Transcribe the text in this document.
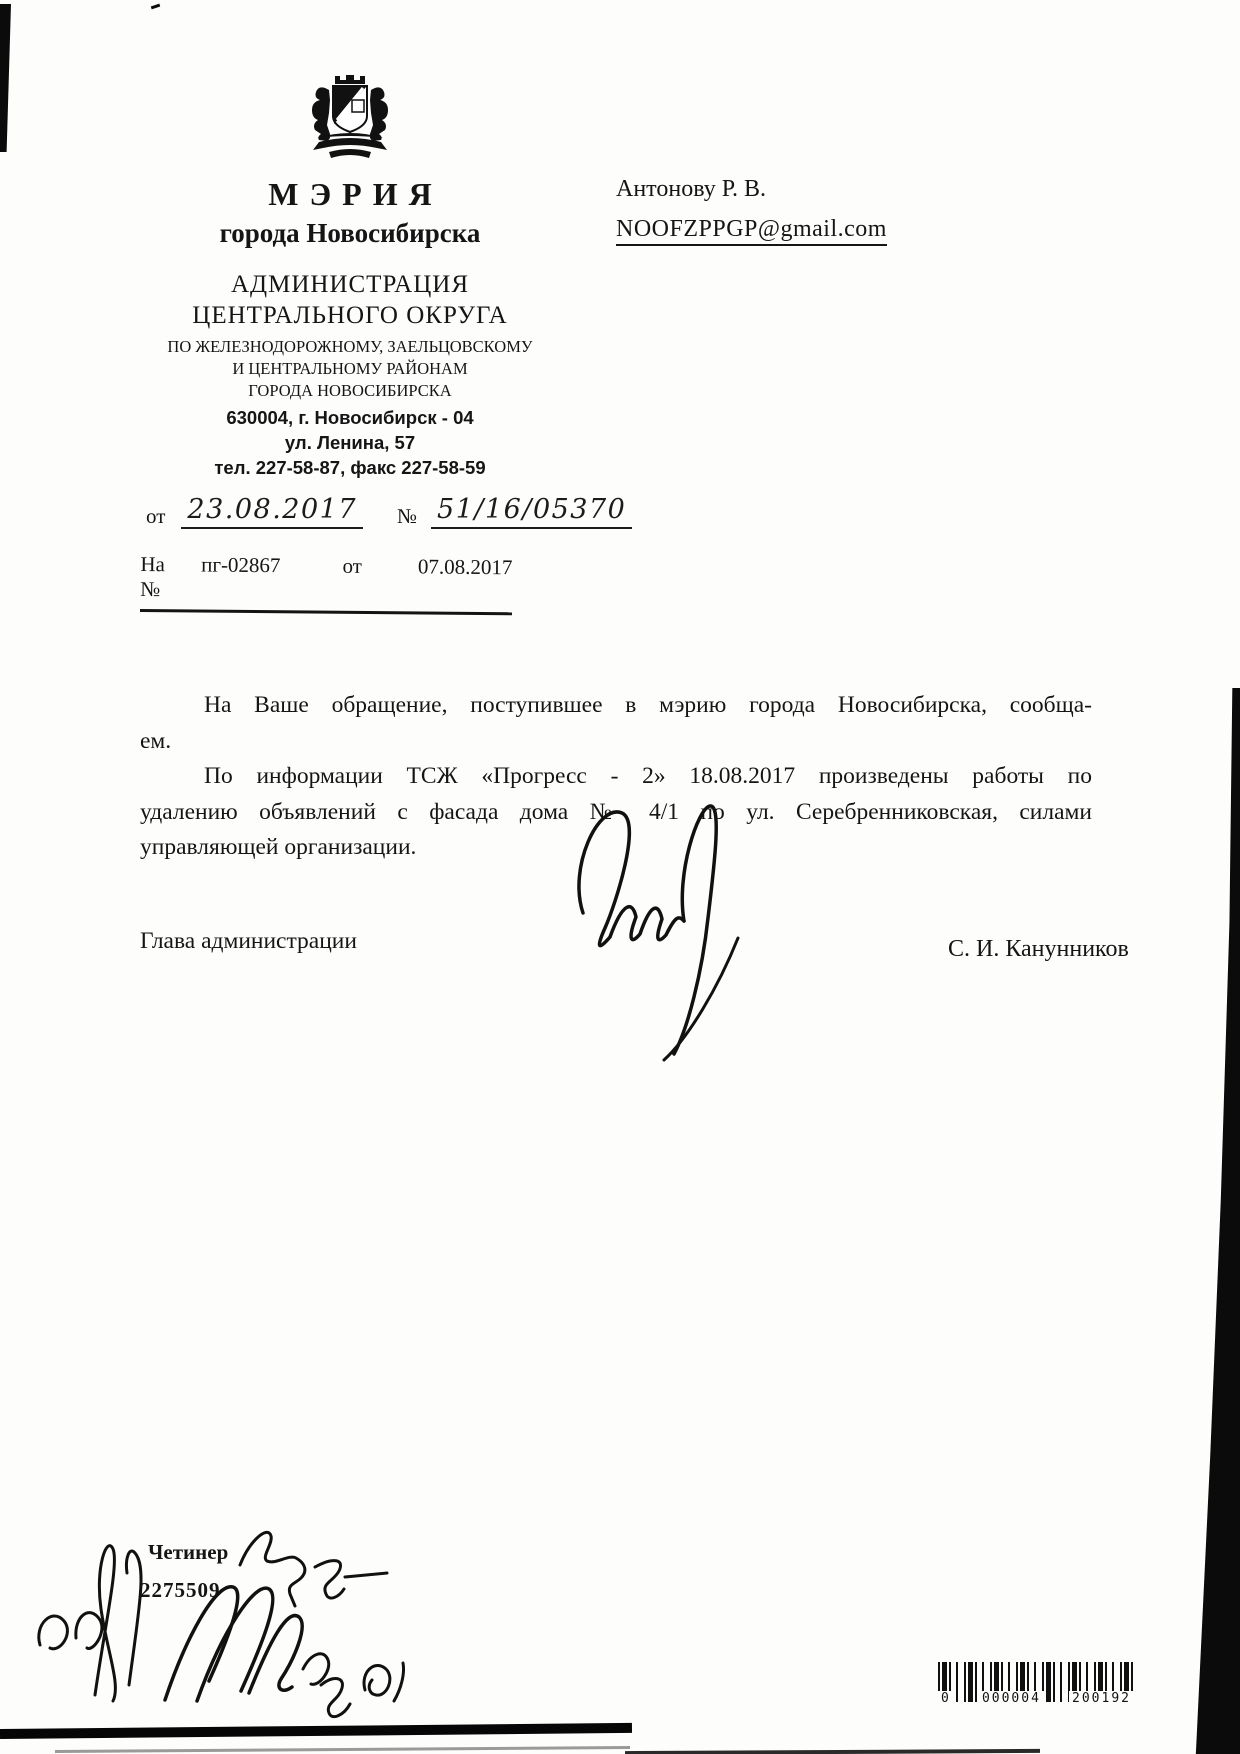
МЭРИЯ
города Новосибирска
АДМИНИСТРАЦИЯ
ЦЕНТРАЛЬНОГО ОКРУГА
ПО ЖЕЛЕЗНОДОРОЖНОМУ, ЗАЕЛЬЦОВСКОМУ
И ЦЕНТРАЛЬНОМУ РАЙОНАМ
ГОРОДА НОВОСИБИРСКА
630004, г. Новосибирск - 04
ул. Ленина, 57
тел. 227-58-87, факс 227-58-59
Антонову Р. В.
NOOFZPPGP@gmail.com
от 23.08.2017 № 51/16/05370
На №
пг-02867	от	07.08.2017
На Ваше обращение, поступившее в мэрию города Новосибирска, сообща-
ем.
По информации ТСЖ «Прогресс - 2» 18.08.2017 произведены работы по
удалению объявлений с фасада дома № 4/1 по ул. Серебренниковская, силами
управляющей организации.
Глава администрации	С. И. Канунников
Четинер
2275509
0 000004 200192
